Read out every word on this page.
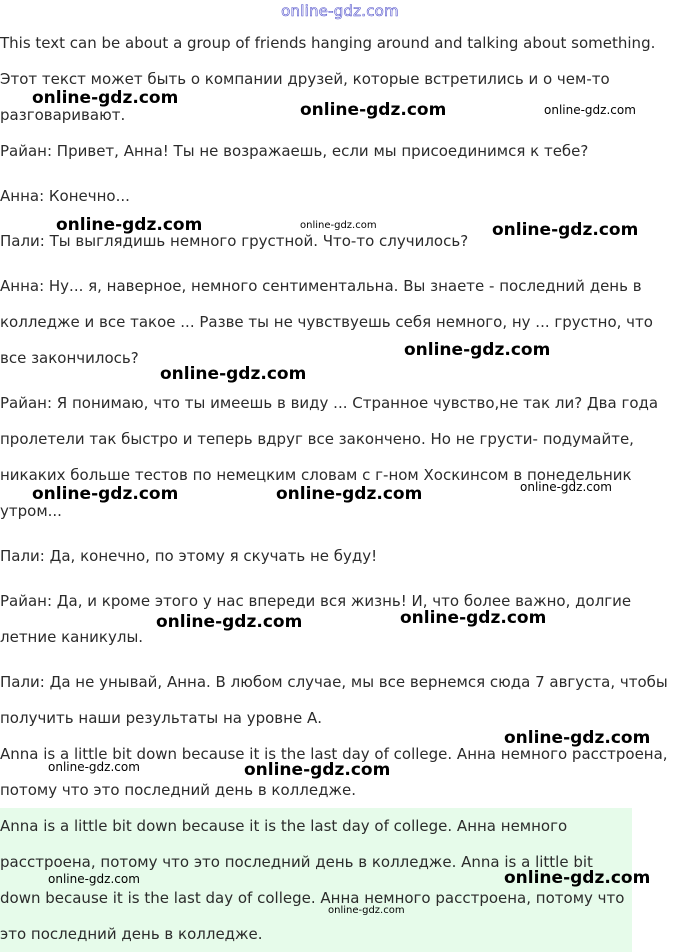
online-gdz.com

This text can be about a group of friends hanging around and talking about something. Этот текст может быть о компании друзей, которые встретились и о чем-то разговаривают.

Райан: Привет, Анна! Ты не возражаешь, если мы присоединимся к тебе?

Анна: Конечно...

Пали: Ты выглядишь немного грустной. Что-то случилось?

Анна: Ну... я, наверное, немного сентиментальна. Вы знаете - последний день в колледже и все такое ... Разве ты не чувствуешь себя немного, ну ... грустно, что все закончилось?

Райан: Я понимаю, что ты имеешь в виду ... Странное чувство,не так ли? Два года пролетели так быстро и теперь вдруг все закончено. Но не грусти- подумайте, никаких больше тестов по немецким словам с г-ном Хоскинсом в понедельник утром...

Пали: Да, конечно, по этому я скучать не буду!

Райан: Да, и кроме этого у нас впереди вся жизнь! И, что более важно, долгие летние каникулы.

Пали: Да не унывай, Анна. В любом случае, мы все вернемся сюда 7 августа, чтобы получить наши результаты на уровне А.

Anna is a little bit down because it is the last day of college. Анна немного расстроена, потому что это последний день в колледже.

Anna is a little bit down because it is the last day of college. Анна немного расстроена, потому что это последний день в колледже. Anna is a little bit down because it is the last day of college. Анна немного расстроена, потому что это последний день в колледже.

online-gdz.com
online-gdz.com	online-gdz.com
online-gdz.com	online-gdz.com	online-gdz.com
online-gdz.com
online-gdz.com
online-gdz.com	online-gdz.com	online-gdz.com
online-gdz.com	online-gdz.com
online-gdz.com
online-gdz.com	online-gdz.com
online-gdz.com	online-gdz.com
online-gdz.com
